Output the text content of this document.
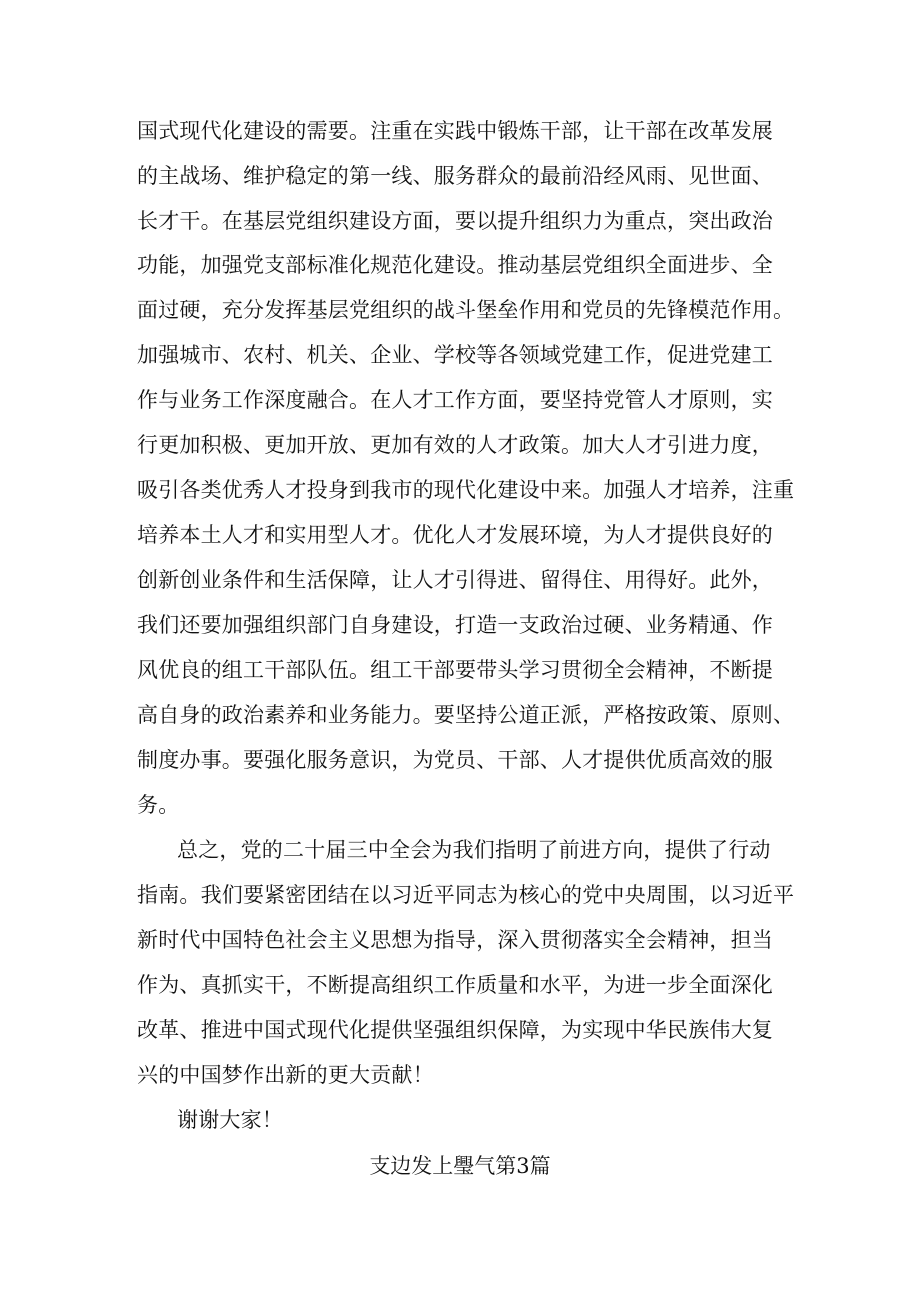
国式现代化建设的需要。注重在实践中锻炼干部，让干部在改革发展
的主战场、维护稳定的第一线、服务群众的最前沿经风雨、见世面、
长才干。在基层党组织建设方面，要以提升组织力为重点，突出政治
功能，加强党支部标准化规范化建设。推动基层党组织全面进步、全
面过硬，充分发挥基层党组织的战斗堡垒作用和党员的先锋模范作用。
加强城市、农村、机关、企业、学校等各领域党建工作，促进党建工
作与业务工作深度融合。在人才工作方面，要坚持党管人才原则，实
行更加积极、更加开放、更加有效的人才政策。加大人才引进力度，
吸引各类优秀人才投身到我市的现代化建设中来。加强人才培养，注重
培养本土人才和实用型人才。优化人才发展环境，为人才提供良好的
创新创业条件和生活保障，让人才引得进、留得住、用得好。此外，
我们还要加强组织部门自身建设，打造一支政治过硬、业务精通、作
风优良的组工干部队伍。组工干部要带头学习贯彻全会精神，不断提
高自身的政治素养和业务能力。要坚持公道正派，严格按政策、原则、
制度办事。要强化服务意识，为党员、干部、人才提供优质高效的服
务。
总之，党的二十届三中全会为我们指明了前进方向，提供了行动
指南。我们要紧密团结在以习近平同志为核心的党中央周围，以习近平
新时代中国特色社会主义思想为指导，深入贯彻落实全会精神，担当
作为、真抓实干，不断提高组织工作质量和水平，为进一步全面深化
改革、推进中国式现代化提供坚强组织保障，为实现中华民族伟大复
兴的中国梦作出新的更大贡献！
谢谢大家！
支边发上璺气第3篇
